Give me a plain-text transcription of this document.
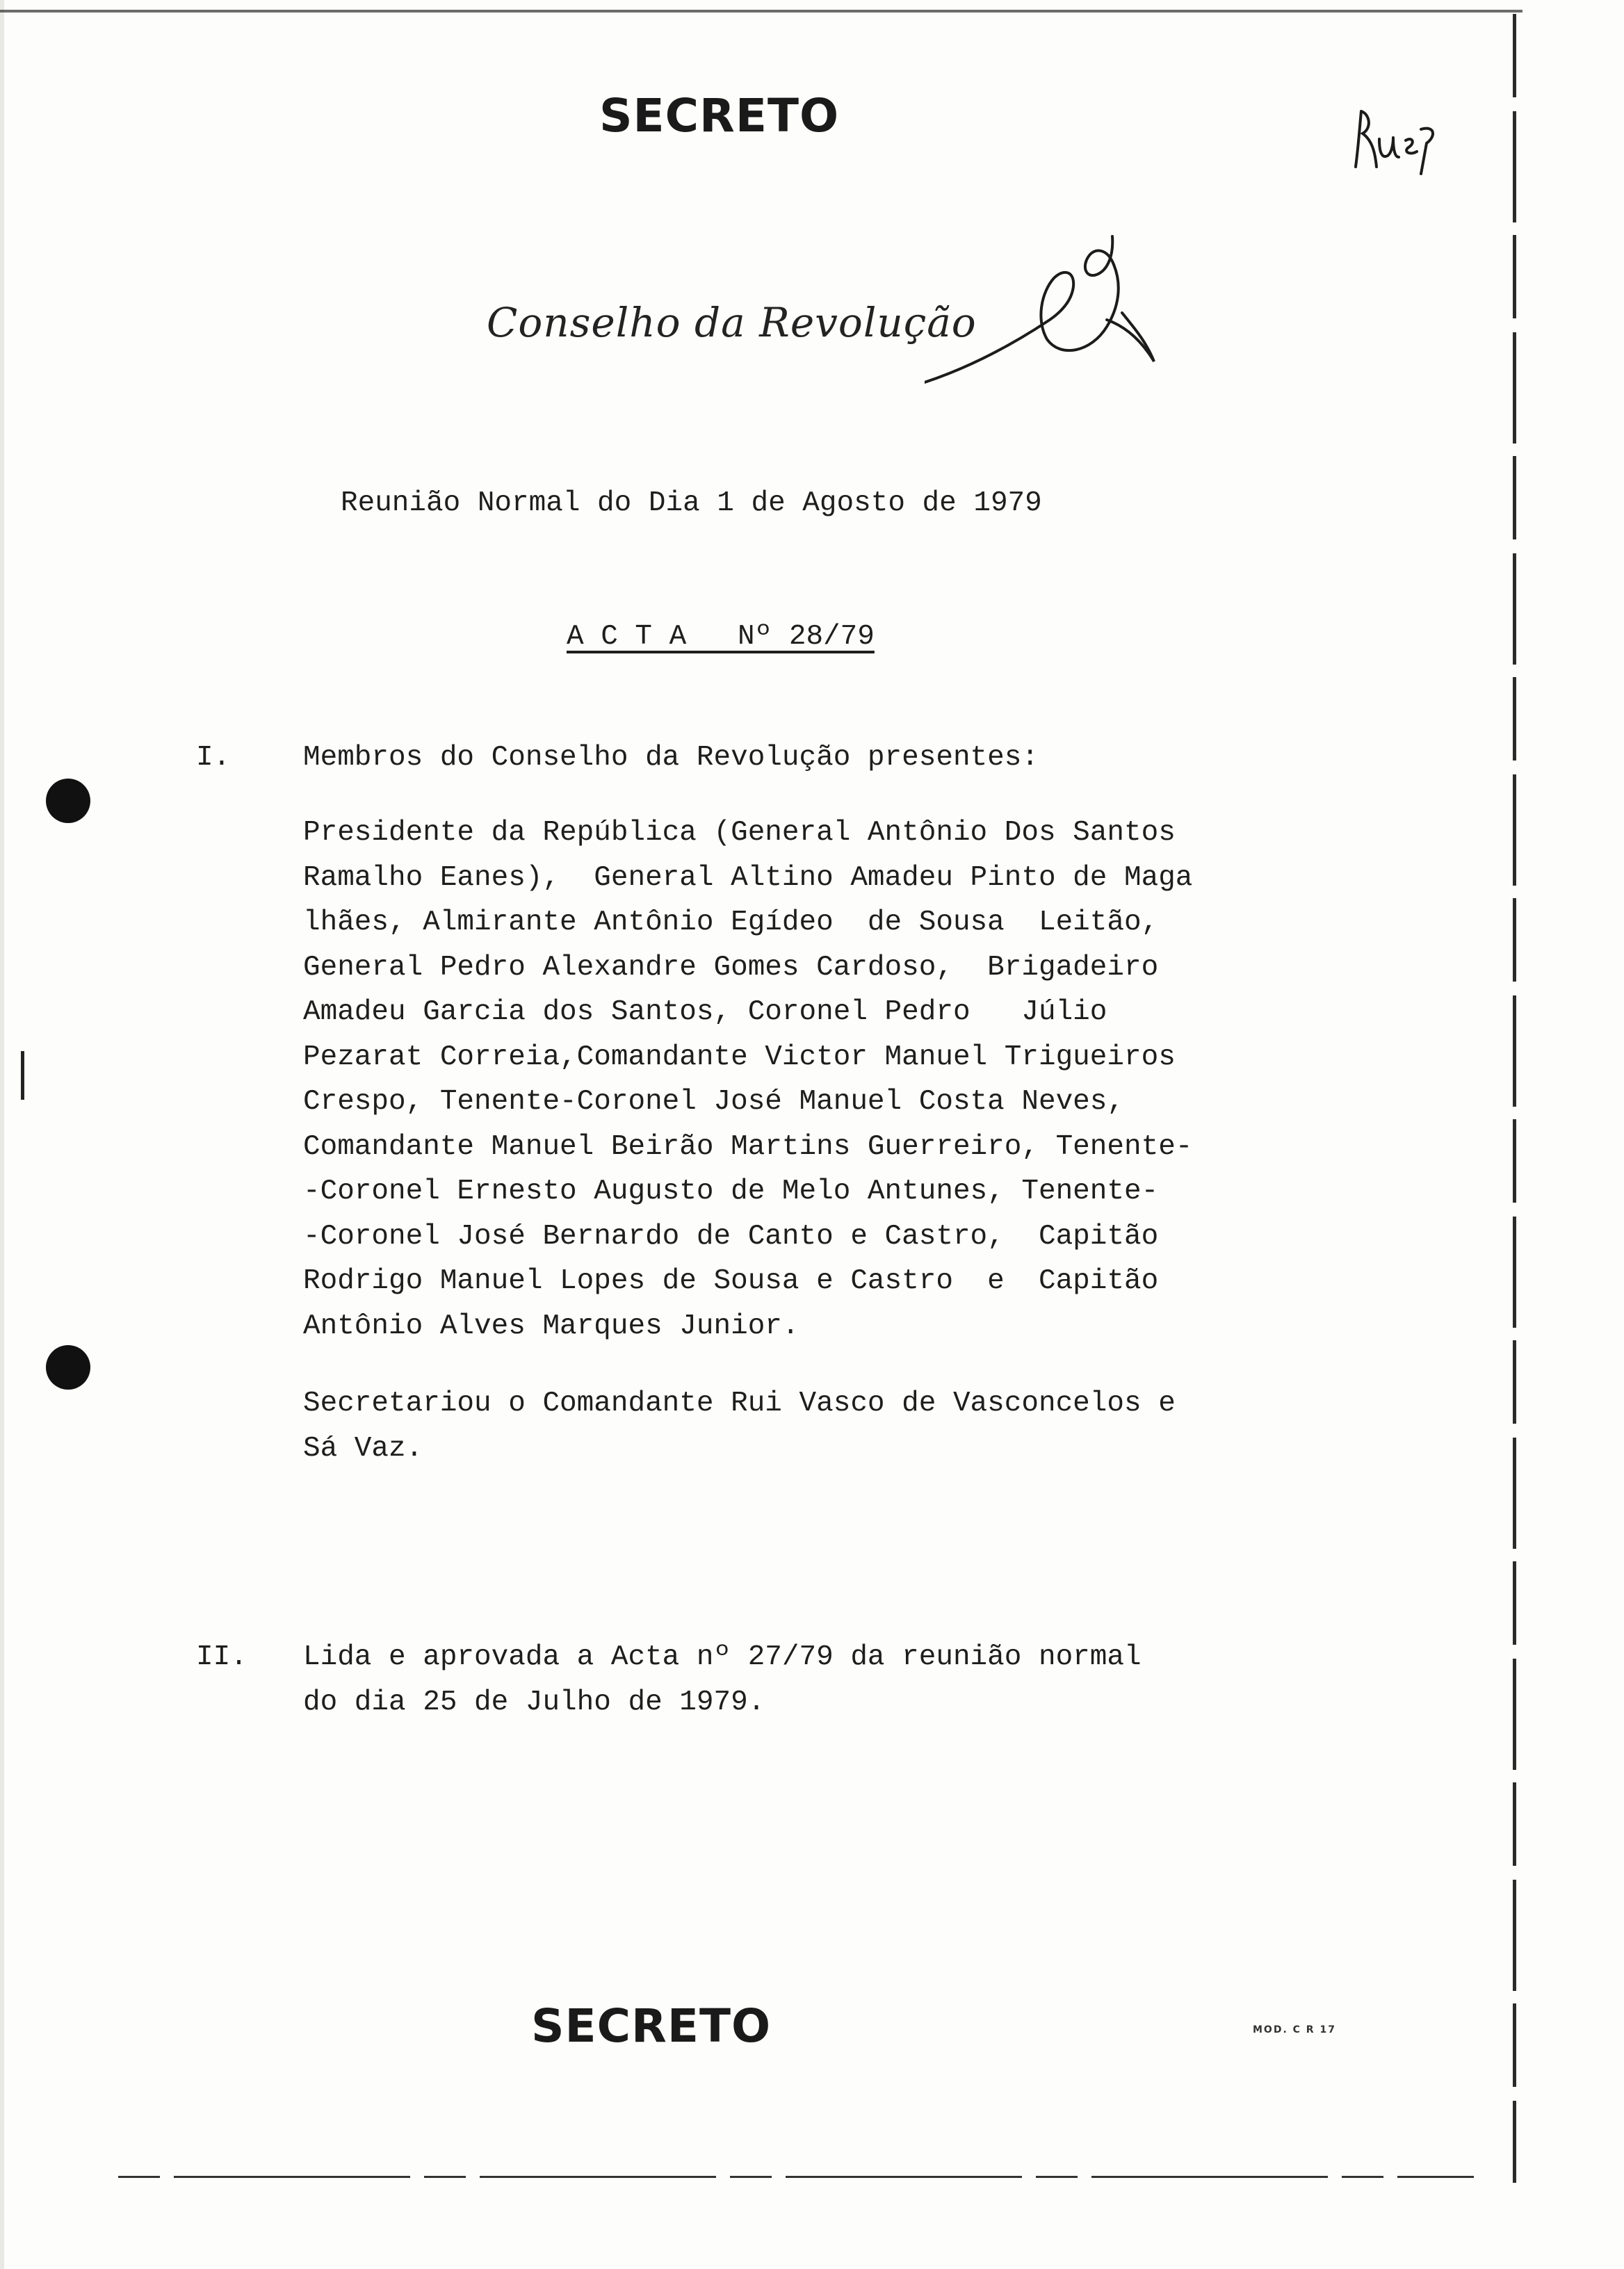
SECRETO
Conselho da Revolução
Reunião Normal do Dia 1 de Agosto de 1979
A C T A   Nº 28/79
I.	Membros do Conselho da Revolução presentes:
Presidente da República (General Antônio Dos Santos
Ramalho Eanes),  General Altino Amadeu Pinto de Maga
lhães, Almirante Antônio Egídeo  de Sousa  Leitão,
General Pedro Alexandre Gomes Cardoso,  Brigadeiro
Amadeu Garcia dos Santos, Coronel Pedro   Júlio
Pezarat Correia,Comandante Victor Manuel Trigueiros
Crespo, Tenente-Coronel José Manuel Costa Neves,
Comandante Manuel Beirão Martins Guerreiro, Tenente-
-Coronel Ernesto Augusto de Melo Antunes, Tenente-
-Coronel José Bernardo de Canto e Castro,  Capitão
Rodrigo Manuel Lopes de Sousa e Castro  e  Capitão
Antônio Alves Marques Junior.
Secretariou o Comandante Rui Vasco de Vasconcelos e
Sá Vaz.
II. Lida e aprovada a Acta nº 27/79 da reunião normal
do dia 25 de Julho de 1979.
SECRETO	MOD. C R 17
